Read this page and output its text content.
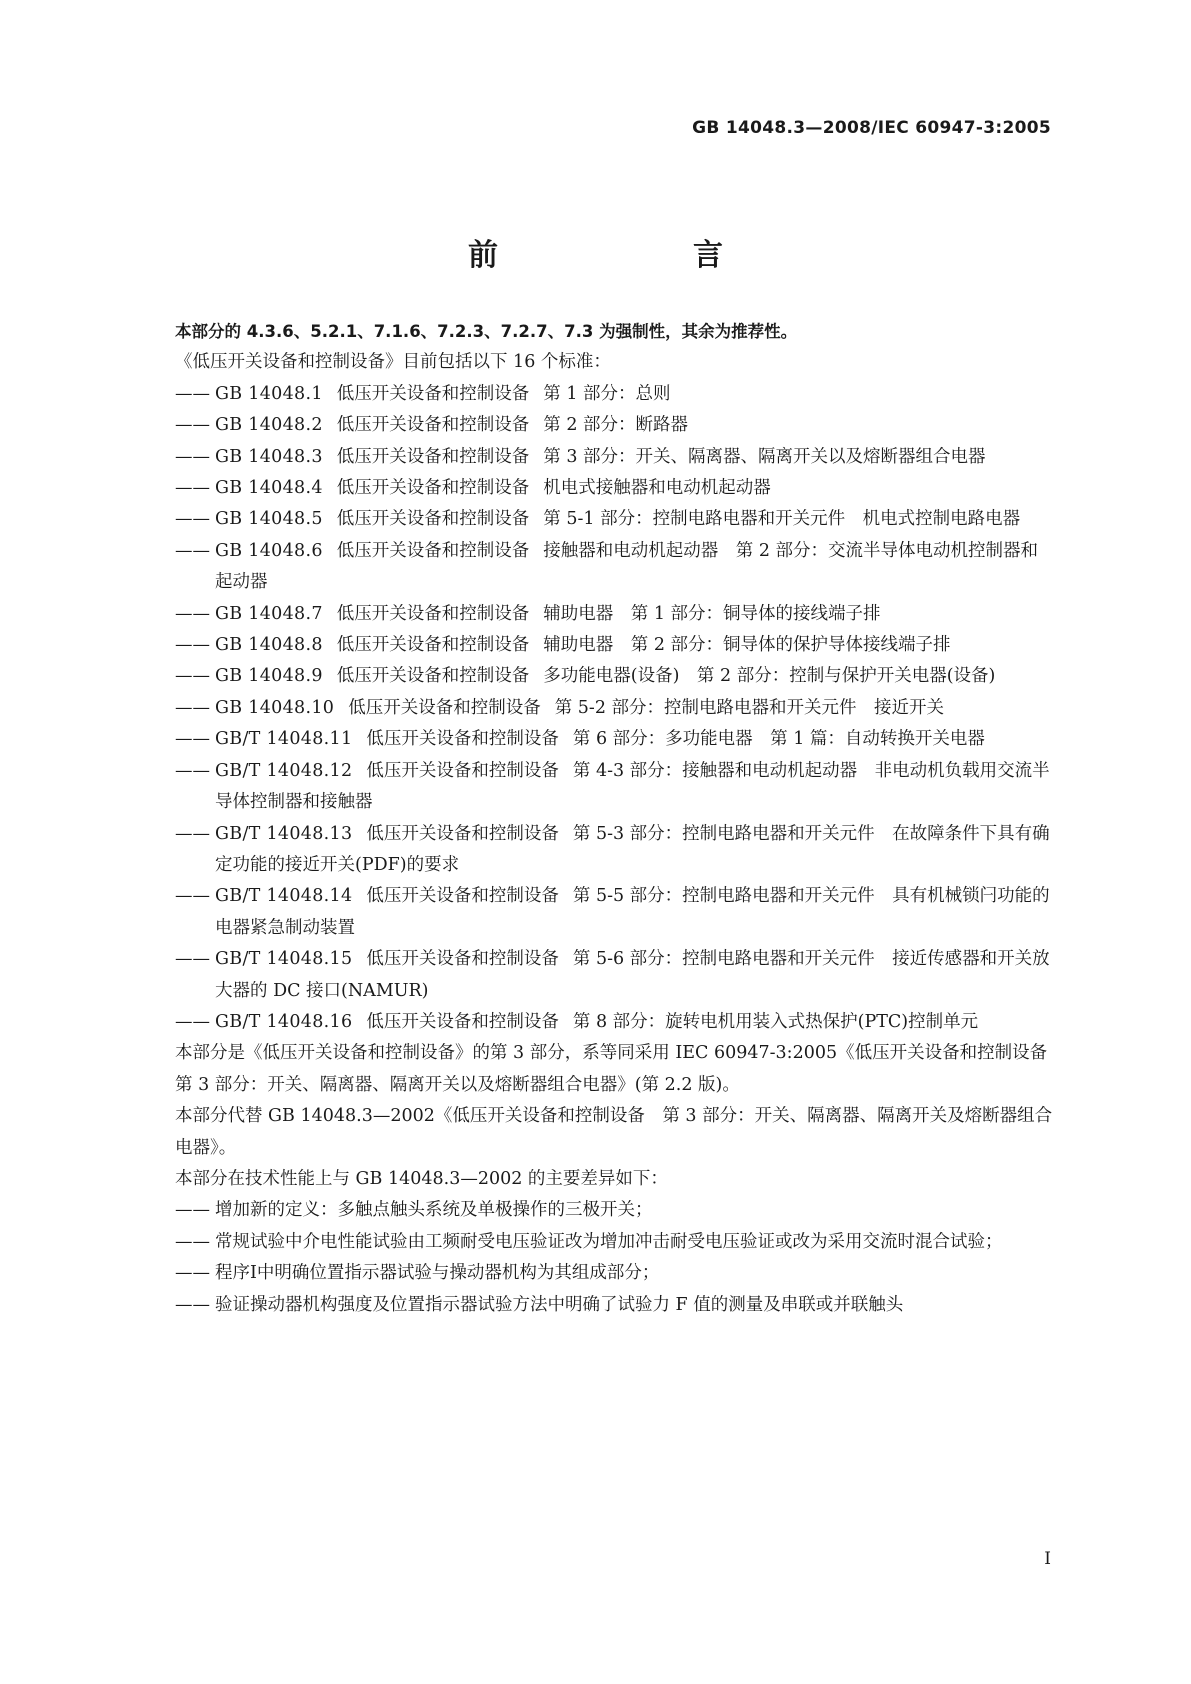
GB 14048.3—2008/IEC 60947-3:2005
前　　言
本部分的 4.3.6、5.2.1、7.1.6、7.2.3、7.2.7、7.3 为强制性，其余为推荐性。
《低压开关设备和控制设备》目前包括以下 16 个标准：
—— GB 14048.1 低压开关设备和控制设备 第 1 部分：总则
—— GB 14048.2 低压开关设备和控制设备 第 2 部分：断路器
—— GB 14048.3 低压开关设备和控制设备 第 3 部分：开关、隔离器、隔离开关以及熔断器组合电器
—— GB 14048.4 低压开关设备和控制设备 机电式接触器和电动机起动器
—— GB 14048.5 低压开关设备和控制设备 第 5-1 部分：控制电路电器和开关元件　机电式控制电路电器
—— GB 14048.6 低压开关设备和控制设备 接触器和电动机起动器　第 2 部分：交流半导体电动机控制器和起动器
—— GB 14048.7 低压开关设备和控制设备 辅助电器　第 1 部分：铜导体的接线端子排
—— GB 14048.8 低压开关设备和控制设备 辅助电器　第 2 部分：铜导体的保护导体接线端子排
—— GB 14048.9 低压开关设备和控制设备 多功能电器(设备)　第 2 部分：控制与保护开关电器(设备)
—— GB 14048.10 低压开关设备和控制设备 第 5-2 部分：控制电路电器和开关元件　接近开关
—— GB/T 14048.11 低压开关设备和控制设备 第 6 部分：多功能电器　第 1 篇：自动转换开关电器
—— GB/T 14048.12 低压开关设备和控制设备 第 4-3 部分：接触器和电动机起动器　非电动机负载用交流半导体控制器和接触器
—— GB/T 14048.13 低压开关设备和控制设备 第 5-3 部分：控制电路电器和开关元件　在故障条件下具有确定功能的接近开关(PDF)的要求
—— GB/T 14048.14 低压开关设备和控制设备 第 5-5 部分：控制电路电器和开关元件　具有机械锁闩功能的电器紧急制动装置
—— GB/T 14048.15 低压开关设备和控制设备 第 5-6 部分：控制电路电器和开关元件　接近传感器和开关放大器的 DC 接口(NAMUR)
—— GB/T 14048.16 低压开关设备和控制设备 第 8 部分：旋转电机用装入式热保护(PTC)控制单元
本部分是《低压开关设备和控制设备》的第 3 部分，系等同采用 IEC 60947-3:2005《低压开关设备和控制设备　第 3 部分：开关、隔离器、隔离开关以及熔断器组合电器》(第 2.2 版)。
本部分代替 GB 14048.3—2002《低压开关设备和控制设备　第 3 部分：开关、隔离器、隔离开关及熔断器组合电器》。
本部分在技术性能上与 GB 14048.3—2002 的主要差异如下：
—— 增加新的定义：多触点触头系统及单极操作的三极开关；
—— 常规试验中介电性能试验由工频耐受电压验证改为增加冲击耐受电压验证或改为采用交流时混合试验；
—— 程序Ⅰ中明确位置指示器试验与操动器机构为其组成部分；
—— 验证操动器机构强度及位置指示器试验方法中明确了试验力 F 值的测量及串联或并联触头
Ⅰ
